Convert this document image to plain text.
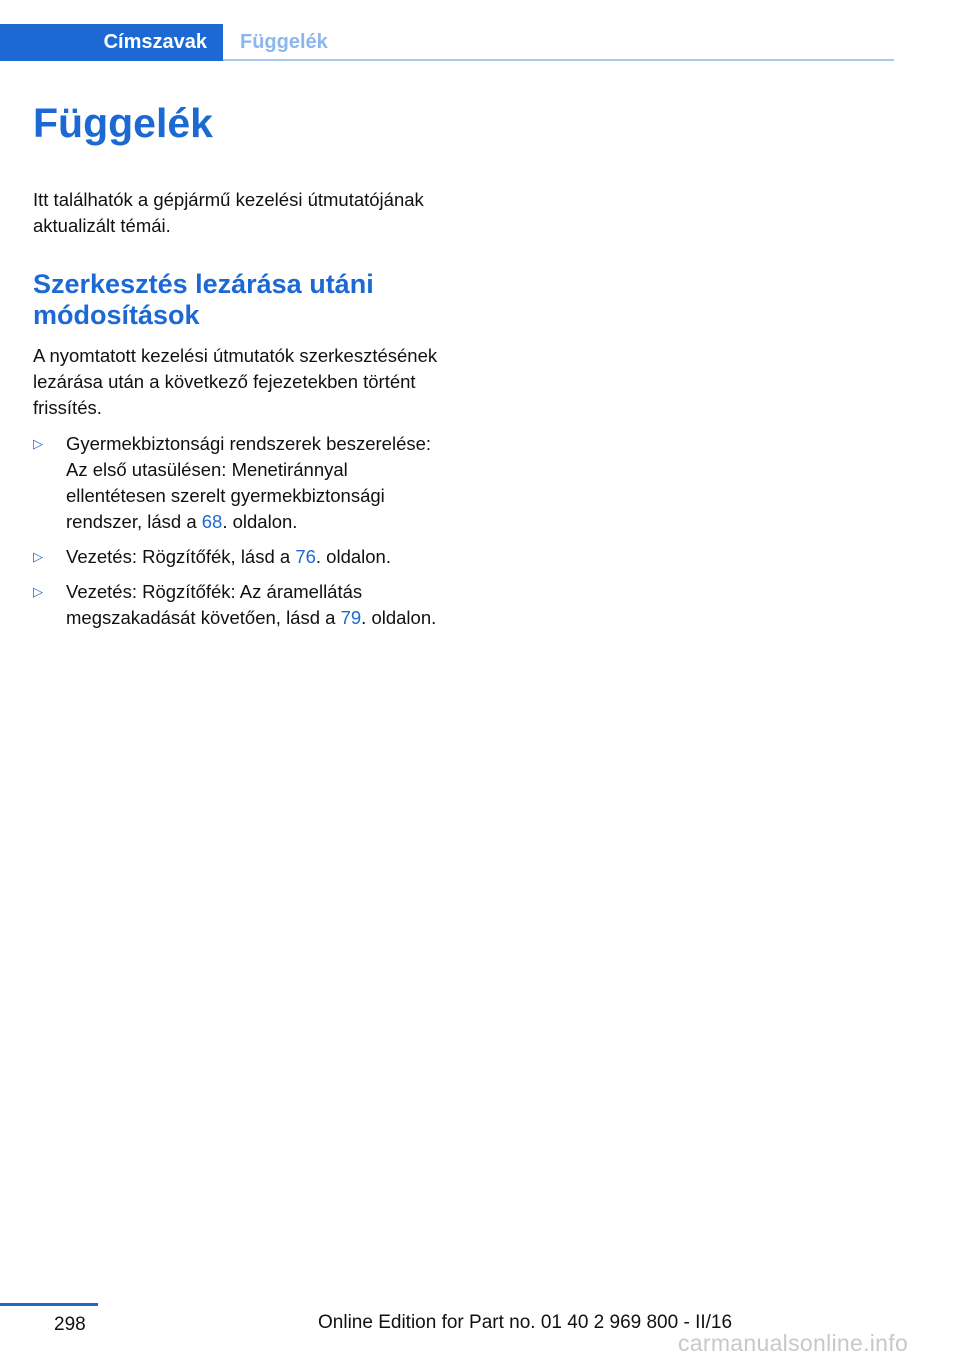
Címszavak Függelék
Függelék

Itt találhatók a gépjármű kezelési útmutatójának aktualizált témái.

Szerkesztés lezárása utáni módosítások

A nyomtatott kezelési útmutatók szerkesztésének lezárása után a következő fejezetekben történt frissítés.

▷ Gyermekbiztonsági rendszerek beszerelése: Az első utasülésen: Menetiránnyal ellentétesen szerelt gyermekbiztonsági rendszer, lásd a 68. oldalon.
▷ Vezetés: Rögzítőfék, lásd a 76. oldalon.
▷ Vezetés: Rögzítőfék: Az áramellátás megszakadását követően, lásd a 79. oldalon.
298	Online Edition for Part no. 01 40 2 969 800 - II/16
carmanualsonline.info
